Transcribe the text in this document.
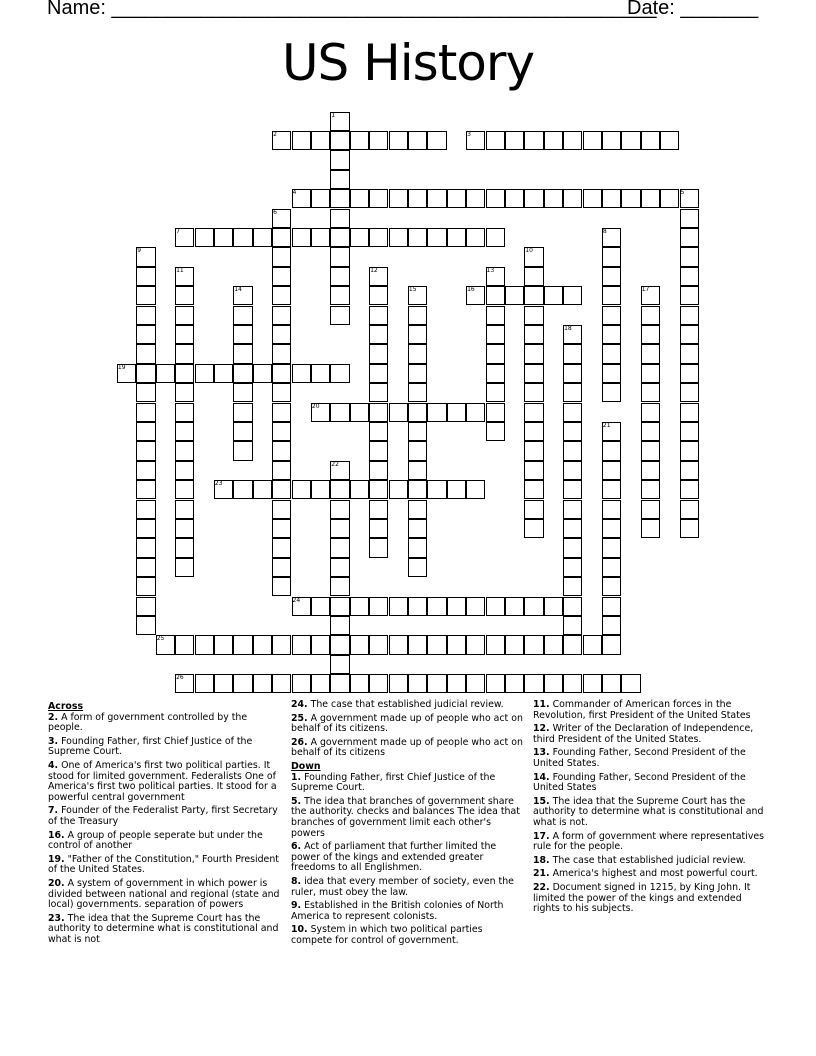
Name: _________________________________________________
Date: _______
US History
1
2	3
4	5
6
7	8
9	10
11	12	13
14	15	16	17
18
19
20
21
22
23
24
25
26
Across
2. A form of government controlled by the people.
3. Founding Father, first Chief Justice of the Supreme Court.
4. One of America's first two political parties. It stood for limited government. Federalists One of America's first two political parties. It stood for a powerful central government
7. Founder of the Federalist Party, first Secretary of the Treasury
16. A group of people seperate but under the control of another
19. "Father of the Constitution," Fourth President of the United States.
20. A system of government in which power is divided between national and regional (state and local) governments. separation of powers
23. The idea that the Supreme Court has the authority to determine what is constitutional and what is not
24. The case that established judicial review.
25. A government made up of people who act on behalf of its citizens.
26. A government made up of people who act on behalf of its citizens
Down
1. Founding Father, first Chief Justice of the Supreme Court.
5. The idea that branches of government share the authority. checks and balances The idea that branches of government limit each other's powers
6. Act of parliament that further limited the power of the kings and extended greater freedoms to all Englishmen.
8. idea that every member of society, even the ruler, must obey the law.
9. Established in the British colonies of North America to represent colonists.
10. System in which two political parties compete for control of government.
11. Commander of American forces in the Revolution, first President of the United States
12. Writer of the Declaration of Independence, third President of the United States.
13. Founding Father, Second President of the United States.
14. Founding Father, Second President of the United States
15. The idea that the Supreme Court has the authority to determine what is constitutional and what is not.
17. A form of government where representatives rule for the people.
18. The case that established judicial review.
21. America's highest and most powerful court.
22. Document signed in 1215, by King John. It limited the power of the kings and extended rights to his subjects.
